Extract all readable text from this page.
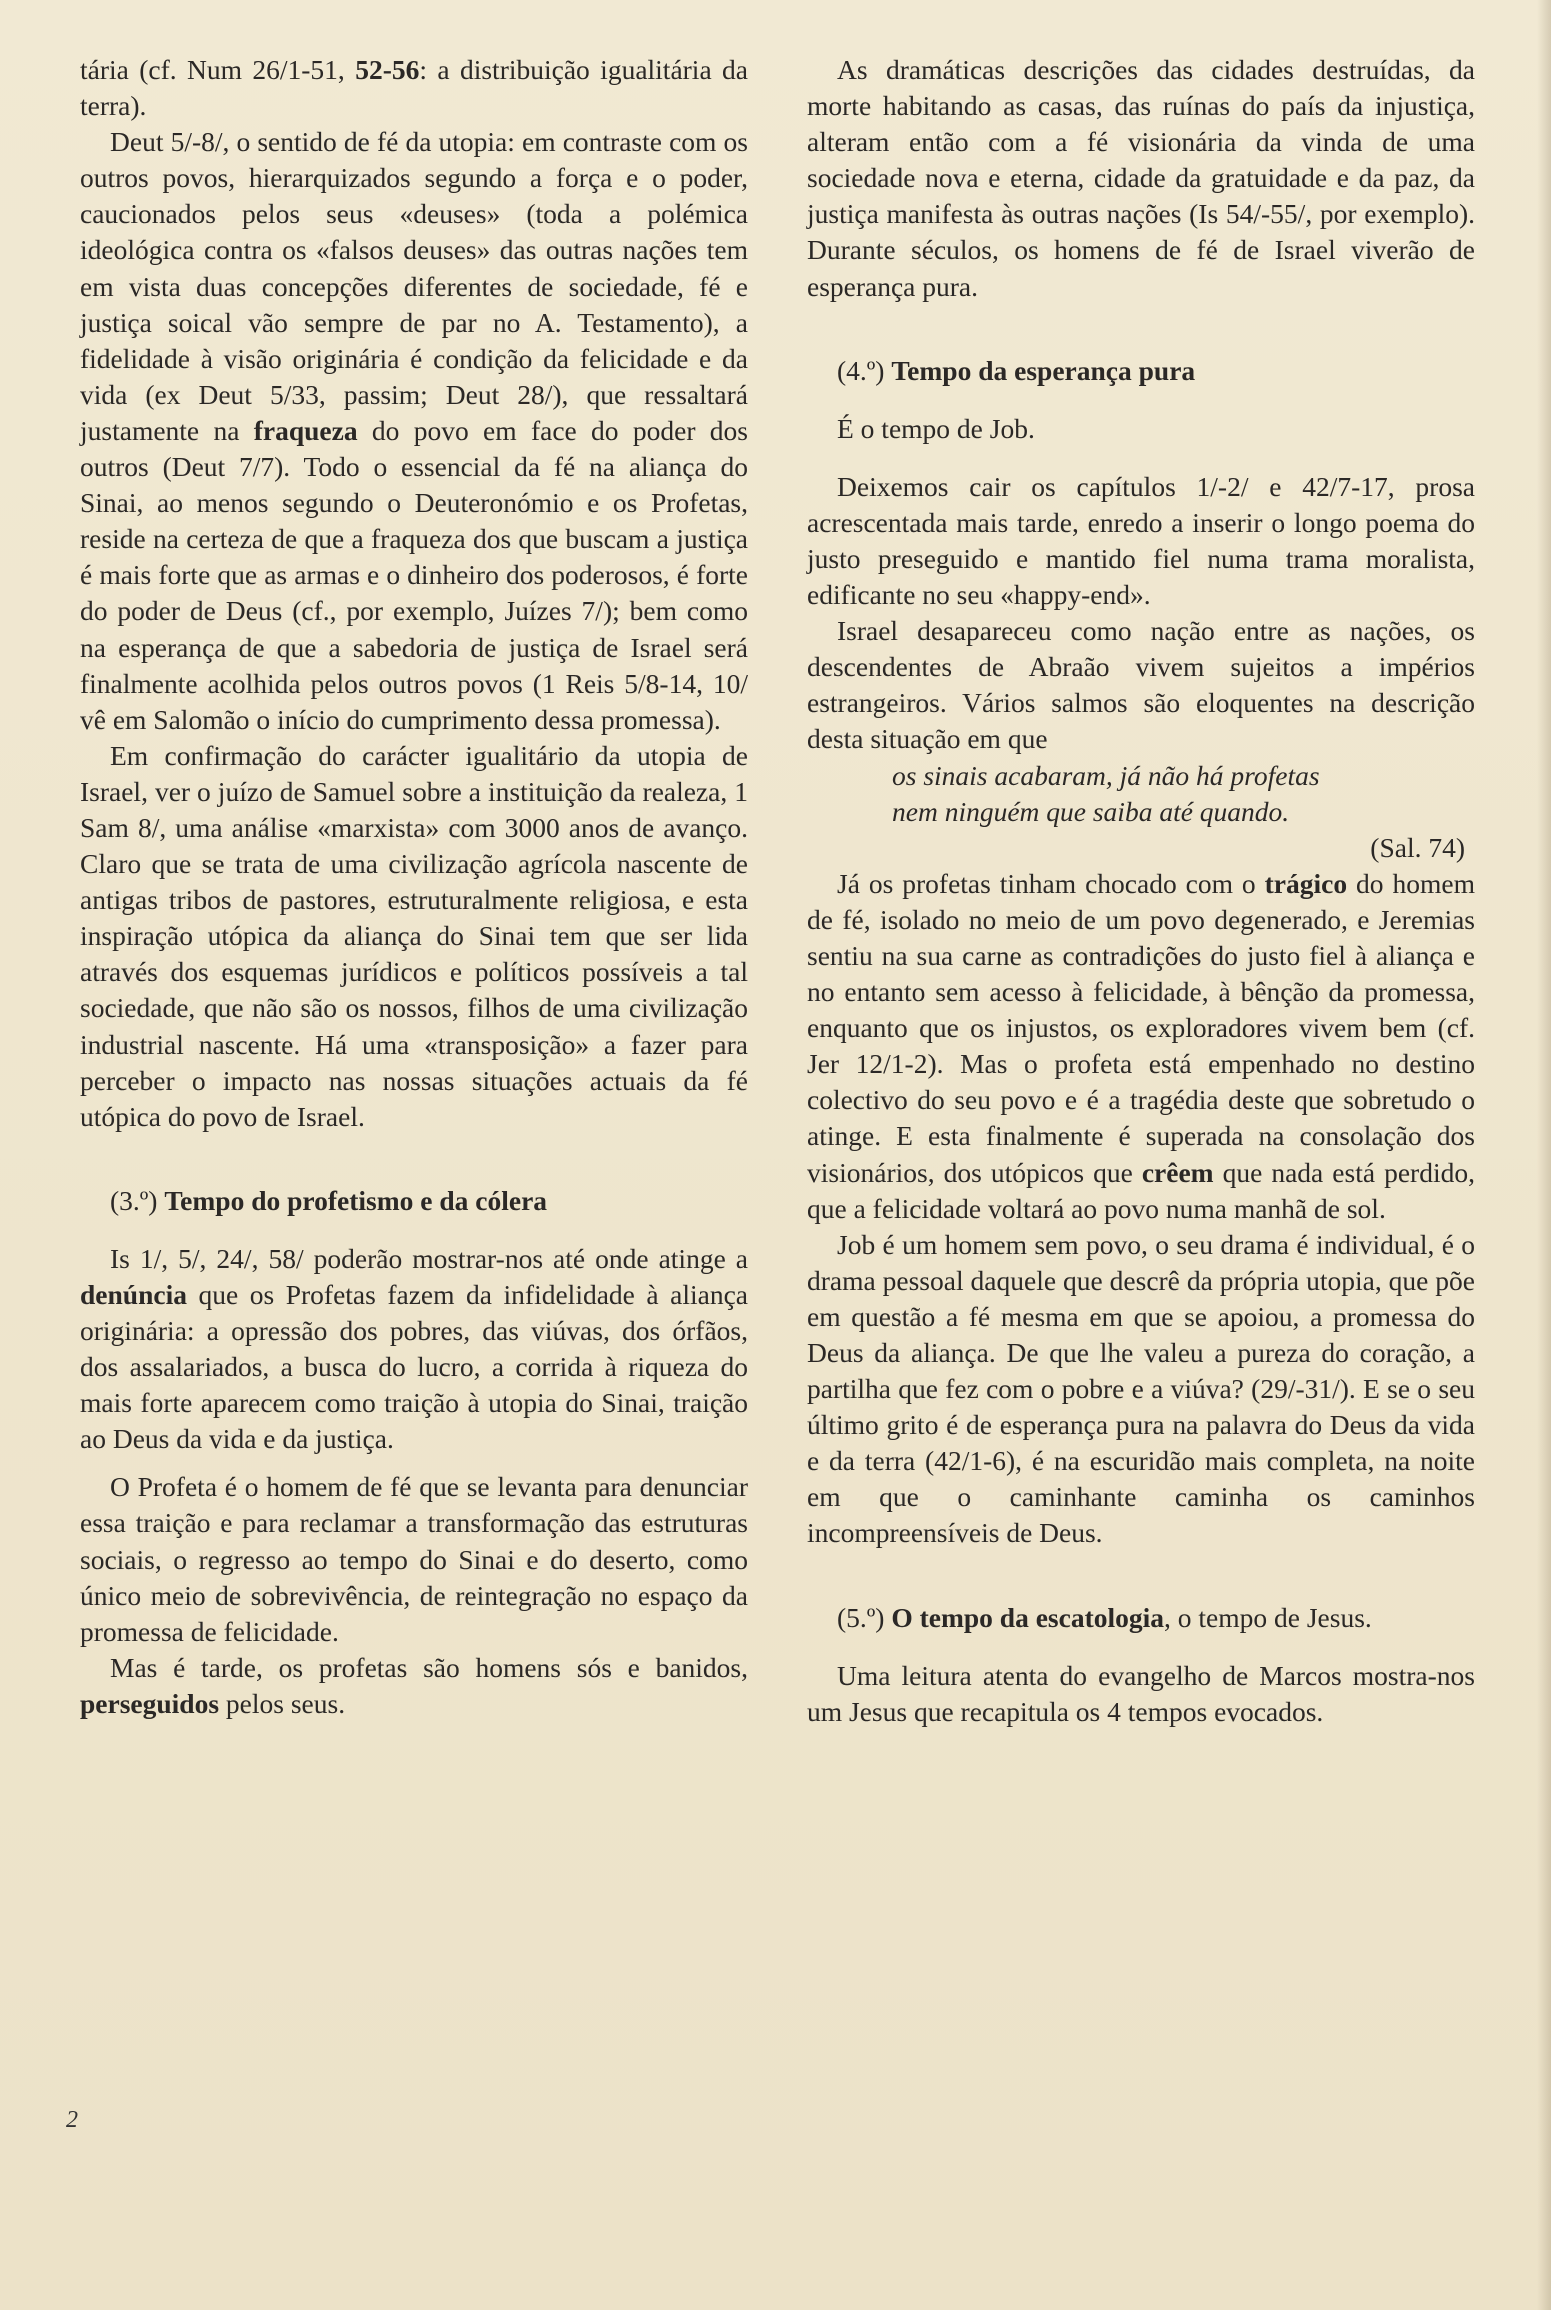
tária (cf. Num 26/1-51, 52-56: a distribuição igualitária da terra).

Deut 5/-8/, o sentido de fé da utopia: em contraste com os outros povos, hierarquizados segundo a força e o poder, caucionados pelos seus «deuses» (toda a polémica ideológica contra os «falsos deuses» das outras nações tem em vista duas concepções diferentes de sociedade, fé e justiça soical vão sempre de par no A. Testamento), a fidelidade à visão originária é condição da felicidade e da vida (ex Deut 5/33, passim; Deut 28/), que ressaltará justamente na fraqueza do povo em face do poder dos outros (Deut 7/7). Todo o essencial da fé na aliança do Sinai, ao menos segundo o Deuteronómio e os Profetas, reside na certeza de que a fraqueza dos que buscam a justiça é mais forte que as armas e o dinheiro dos poderosos, é forte do poder de Deus (cf., por exemplo, Juízes 7/); bem como na esperança de que a sabedoria de justiça de Israel será finalmente acolhida pelos outros povos (1 Reis 5/8-14, 10/ vê em Salomão o início do cumprimento dessa promessa).

Em confirmação do carácter igualitário da utopia de Israel, ver o juízo de Samuel sobre a instituição da realeza, 1 Sam 8/, uma análise «marxista» com 3000 anos de avanço. Claro que se trata de uma civilização agrícola nascente de antigas tribos de pastores, estruturalmente religiosa, e esta inspiração utópica da aliança do Sinai tem que ser lida através dos esquemas jurídicos e políticos possíveis a tal sociedade, que não são os nossos, filhos de uma civilização industrial nascente. Há uma «transposição» a fazer para perceber o impacto nas nossas situações actuais da fé utópica do povo de Israel.

(3.º) Tempo do profetismo e da cólera

Is 1/, 5/, 24/, 58/ poderão mostrar-nos até onde atinge a denúncia que os Profetas fazem da infidelidade à aliança originária: a opressão dos pobres, das viúvas, dos órfãos, dos assalariados, a busca do lucro, a corrida à riqueza do mais forte aparecem como traição à utopia do Sinai, traição ao Deus da vida e da justiça.

O Profeta é o homem de fé que se levanta para denunciar essa traição e para reclamar a transformação das estruturas sociais, o regresso ao tempo do Sinai e do deserto, como único meio de sobrevivência, de reintegração no espaço da promessa de felicidade.

Mas é tarde, os profetas são homens sós e banidos, perseguidos pelos seus.

As dramáticas descrições das cidades destruídas, da morte habitando as casas, das ruínas do país da injustiça, alteram então com a fé visionária da vinda de uma sociedade nova e eterna, cidade da gratuidade e da paz, da justiça manifesta às outras nações (Is 54/-55/, por exemplo). Durante séculos, os homens de fé de Israel viverão de esperança pura.

(4.º) Tempo da esperança pura

É o tempo de Job.

Deixemos cair os capítulos 1/-2/ e 42/7-17, prosa acrescentada mais tarde, enredo a inserir o longo poema do justo preseguido e mantido fiel numa trama moralista, edificante no seu «happy-end».

Israel desapareceu como nação entre as nações, os descendentes de Abraão vivem sujeitos a impérios estrangeiros. Vários salmos são eloquentes na descrição desta situação em que

os sinais acabaram, já não há profetas

nem ninguém que saiba até quando.

(Sal. 74)

Já os profetas tinham chocado com o trágico do homem de fé, isolado no meio de um povo degenerado, e Jeremias sentiu na sua carne as contradições do justo fiel à aliança e no entanto sem acesso à felicidade, à bênção da promessa, enquanto que os injustos, os exploradores vivem bem (cf. Jer 12/1-2). Mas o profeta está empenhado no destino colectivo do seu povo e é a tragédia deste que sobretudo o atinge. E esta finalmente é superada na consolação dos visionários, dos utópicos que crêem que nada está perdido, que a felicidade voltará ao povo numa manhã de sol.

Job é um homem sem povo, o seu drama é individual, é o drama pessoal daquele que descrê da própria utopia, que põe em questão a fé mesma em que se apoiou, a promessa do Deus da aliança. De que lhe valeu a pureza do coração, a partilha que fez com o pobre e a viúva? (29/-31/). E se o seu último grito é de esperança pura na palavra do Deus da vida e da terra (42/1-6), é na escuridão mais completa, na noite em que o caminhante caminha os caminhos incompreensíveis de Deus.

(5.º) O tempo da escatologia, o tempo de Jesus.

Uma leitura atenta do evangelho de Marcos mostra-nos um Jesus que recapitula os 4 tempos evocados.

2
